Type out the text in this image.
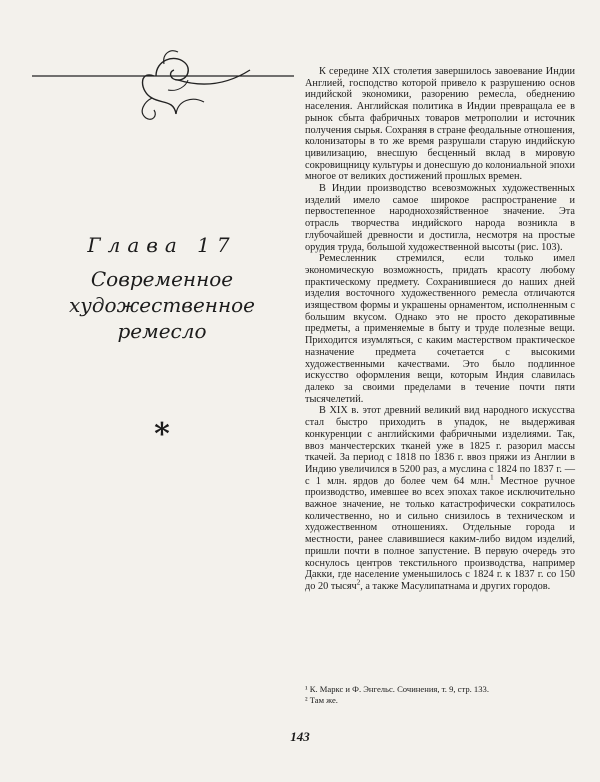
Глава 17
Современное
художественное ремесло
*

К середине XIX столетия завершилось завоевание Индии Англией, господство которой привело к разрушению основ индийской экономики, разорению ремесла, обеднению населения. Английская политика в Индии превращала ее в рынок сбыта фабричных товаров метрополии и источник получения сырья. Сохраняя в стране феодальные отношения, колонизаторы в то же время разрушали старую индийскую цивилизацию, внесшую бесценный вклад в мировую сокровищницу культуры и донесшую до колониальной эпохи многое от великих достижений прошлых времен.

В Индии производство всевозможных художественных изделий имело самое широкое распространение и первостепенное народнохозяйственное значение. Эта отрасль творчества индийского народа возникла в глубочайшей древности и достигла, несмотря на простые орудия труда, большой художественной высоты (рис. 103).

Ремесленник стремился, если только имел экономическую возможность, придать красоту любому практическому предмету. Сохранившиеся до наших дней изделия восточного художественного ремесла отличаются изяществом формы и украшены орнаментом, исполненным с большим вкусом. Однако это не просто декоративные предметы, а применяемые в быту и труде полезные вещи. Приходится изумляться, с каким мастерством практическое назначение предмета сочетается с высокими художественными качествами. Это было подлинное искусство оформления вещи, которым Индия славилась далеко за своими пределами в течение почти пяти тысячелетий.

В XIX в. этот древний великий вид народного искусства стал быстро приходить в упадок, не выдерживая конкуренции с английскими фабричными изделиями. Так, ввоз манчестерских тканей уже в 1825 г. разорил массы ткачей. За период с 1818 по 1836 г. ввоз пряжи из Англии в Индию увеличился в 5200 раз, а муслина с 1824 по 1837 г. — с 1 млн. ярдов до более чем 64 млн.$^1$ Местное ручное производство, имевшее во всех эпохах такое исключительно важное значение, не только катастрофически сократилось количественно, но и сильно снизилось в техническом и художественном отношениях. Отдельные города и местности, ранее славившиеся каким-либо видом изделий, пришли почти в полное запустение. В первую очередь это коснулось центров текстильного производства, например Дакки, где население уменьшилось с 1824 г. к 1837 г. со 150 до 20 тысяч$^2$, а также Масулипатнама и других городов.

¹ К. Маркс и Ф. Энгельс. Сочинения, т. 9, стр. 133.

² Там же.

143
